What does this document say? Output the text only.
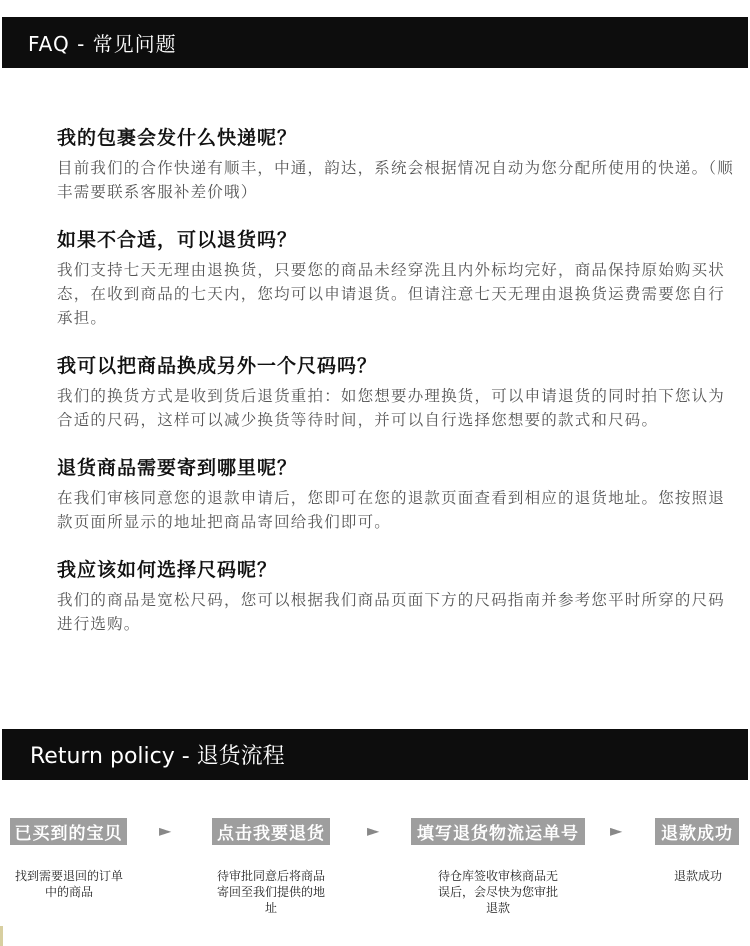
FAQ - 常见问题

我的包裹会发什么快递呢？

目前我们的合作快递有顺丰，中通，韵达，系统会根据情况自动为您分配所使用的快递。（顺丰需要联系客服补差价哦）

如果不合适，可以退货吗？

我们支持七天无理由退换货，只要您的商品未经穿洗且内外标均完好，商品保持原始购买状态，在收到商品的七天内，您均可以申请退货。但请注意七天无理由退换货运费需要您自行承担。

我可以把商品换成另外一个尺码吗？

我们的换货方式是收到货后退货重拍：如您想要办理换货，可以申请退货的同时拍下您认为合适的尺码，这样可以减少换货等待时间，并可以自行选择您想要的款式和尺码。

退货商品需要寄到哪里呢？

在我们审核同意您的退款申请后，您即可在您的退款页面查看到相应的退货地址。您按照退款页面所显示的地址把商品寄回给我们即可。

我应该如何选择尺码呢？

我们的商品是宽松尺码，您可以根据我们商品页面下方的尺码指南并参考您平时所穿的尺码进行选购。

Return policy - 退货流程
已买到的宝贝 ►	点击我要退货	►	填写退货物流运单号	►	退款成功
找到需要退回的订单中的商品
待审批同意后将商品寄回至我们提供的地址
待仓库签收审核商品无误后，会尽快为您审批退款
退款成功
